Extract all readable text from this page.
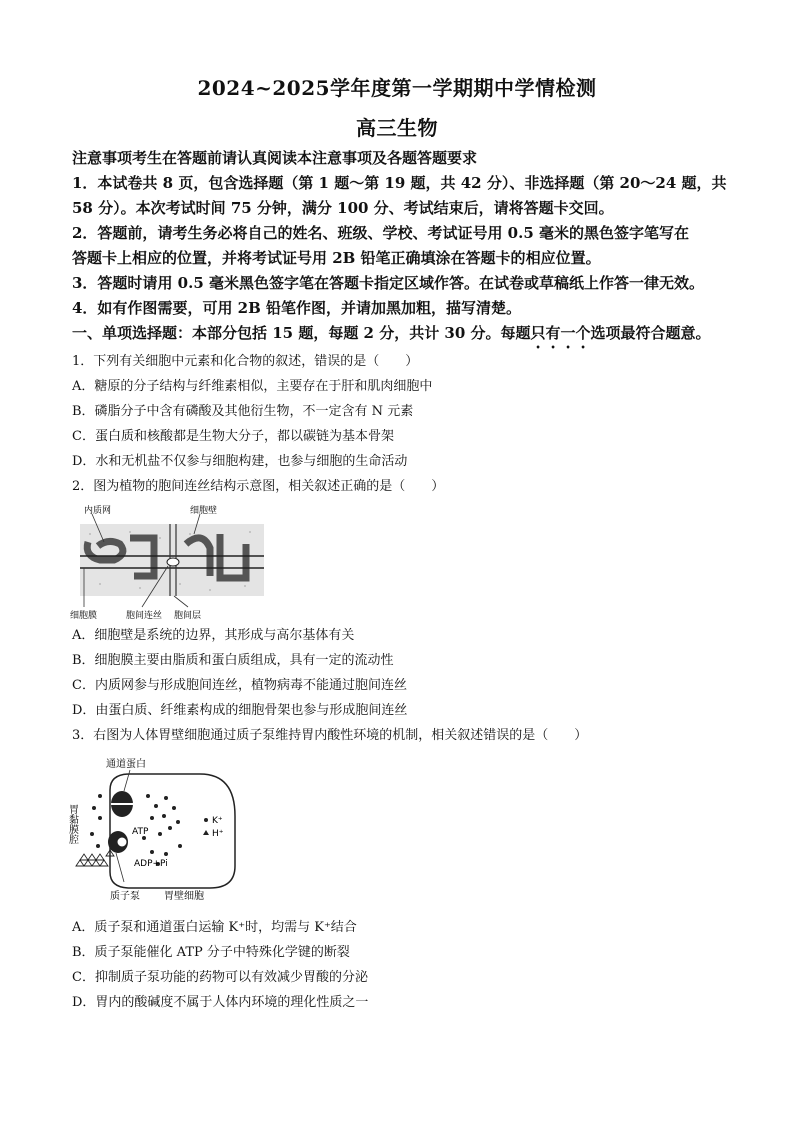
2024~2025学年度第一学期期中学情检测
高三生物
注意事项考生在答题前请认真阅读本注意事项及各题答题要求
1．本试卷共 8 页，包含选择题（第 1 题～第 19 题，共 42 分）、非选择题（第 20～24 题，共
58 分）。本次考试时间 75 分钟，满分 100 分、考试结束后，请将答题卡交回。
2．答题前，请考生务必将自己的姓名、班级、学校、考试证号用 0.5 毫米的黑色签字笔写在
答题卡上相应的位置，并将考试证号用 2B 铅笔正确填涂在答题卡的相应位置。
3．答题时请用 0.5 毫米黑色签字笔在答题卡指定区域作答。在试卷或草稿纸上作答一律无效。
4．如有作图需要，可用 2B 铅笔作图，并请加黑加粗，描写清楚。
一、单项选择题：本部分包括 15 题，每题 2 分，共计 30 分。每题只有一个选项最符合题意。
1．下列有关细胞中元素和化合物的叙述，错误的是（　　）
A．糖原的分子结构与纤维素相似，主要存在于肝和肌肉细胞中
B．磷脂分子中含有磷酸及其他衍生物，不一定含有 N 元素
C．蛋白质和核酸都是生物大分子，都以碳链为基本骨架
D．水和无机盐不仅参与细胞构建，也参与细胞的生命活动
2．图为植物的胞间连丝结构示意图，相关叙述正确的是（　　）
内质网	细胞壁
细胞膜	胞间连丝 胞间层
A．细胞壁是系统的边界，其形成与高尔基体有关
B．细胞膜主要由脂质和蛋白质组成，具有一定的流动性
C．内质网参与形成胞间连丝，植物病毒不能通过胞间连丝
D．由蛋白质、纤维素构成的细胞骨架也参与形成胞间连丝
3．右图为人体胃壁细胞通过质子泵维持胃内酸性环境的机制，相关叙述错误的是（　　）
通道蛋白
胃黏膜腔	ATP
ADP+Pi
K⁺
H⁺
质子泵 胃壁细胞
A．质子泵和通道蛋白运输 K⁺时，均需与 K⁺结合
B．质子泵能催化 ATP 分子中特殊化学键的断裂
C．抑制质子泵功能的药物可以有效减少胃酸的分泌
D．胃内的酸碱度不属于人体内环境的理化性质之一
